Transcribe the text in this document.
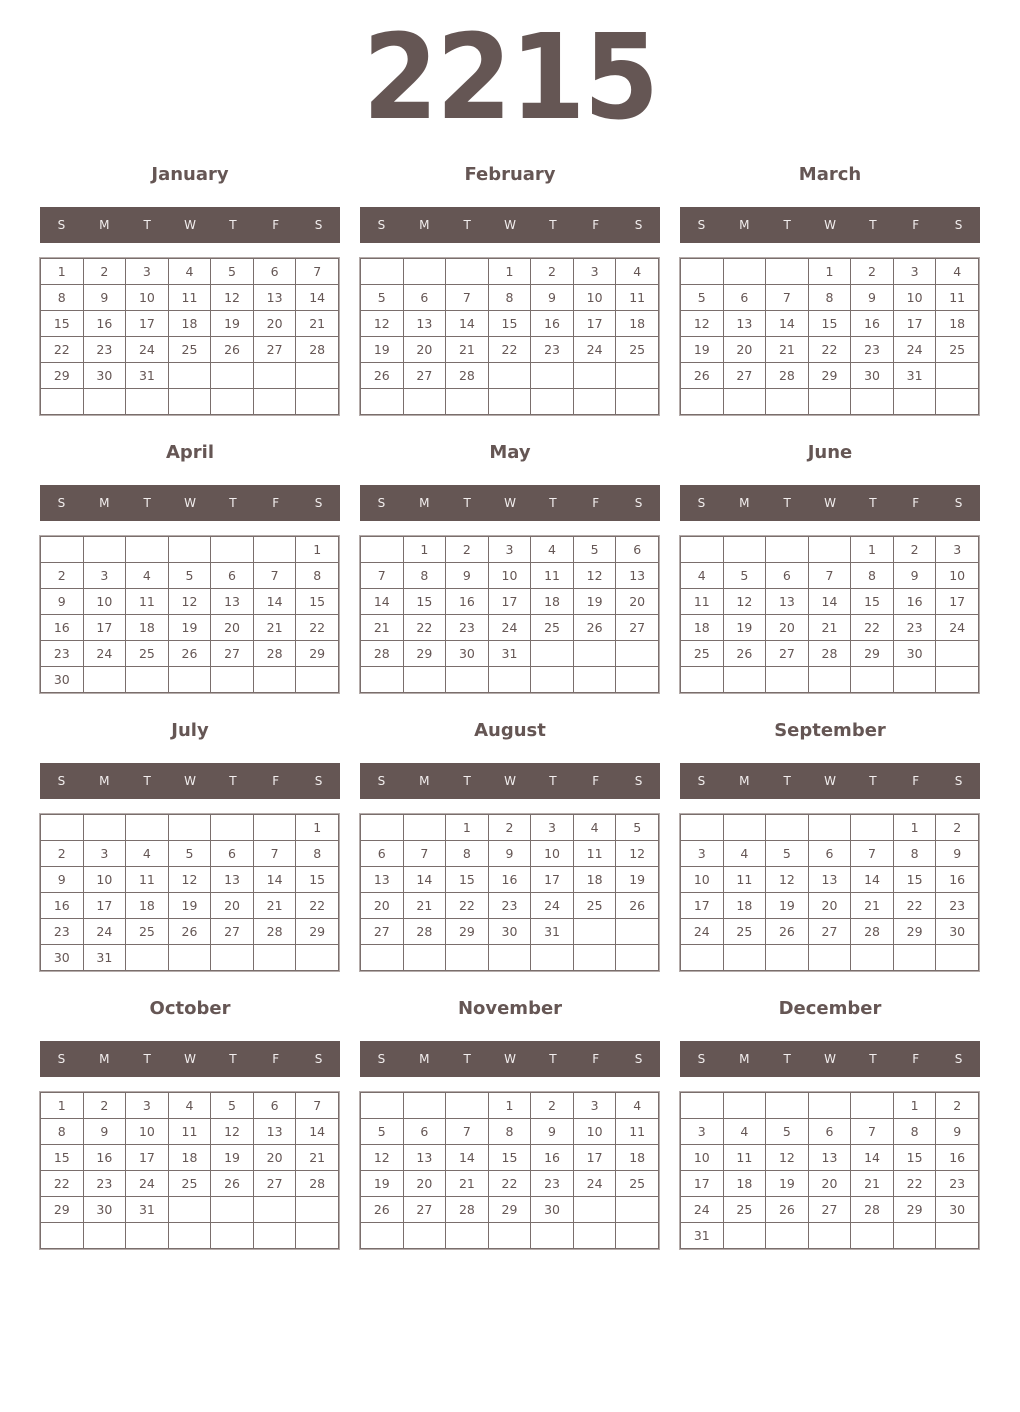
2215
January
S	M	T	W	T	F	S
1	2	3	4	5	6	7
8	9	10	11	12	13	14
15	16	17	18	19	20	21
22	23	24	25	26	27	28
29	30	31				

February
S	M	T	W	T	F	S
			1	2	3	4
5	6	7	8	9	10	11
12	13	14	15	16	17	18
19	20	21	22	23	24	25
26	27	28				

March
S	M	T	W	T	F	S
			1	2	3	4
5	6	7	8	9	10	11
12	13	14	15	16	17	18
19	20	21	22	23	24	25
26	27	28	29	30	31	

April
S	M	T	W	T	F	S
						1
2	3	4	5	6	7	8
9	10	11	12	13	14	15
16	17	18	19	20	21	22
23	24	25	26	27	28	29
30						
May
S	M	T	W	T	F	S
	1	2	3	4	5	6
7	8	9	10	11	12	13
14	15	16	17	18	19	20
21	22	23	24	25	26	27
28	29	30	31			

June
S	M	T	W	T	F	S
				1	2	3
4	5	6	7	8	9	10
11	12	13	14	15	16	17
18	19	20	21	22	23	24
25	26	27	28	29	30	

July
S	M	T	W	T	F	S
						1
2	3	4	5	6	7	8
9	10	11	12	13	14	15
16	17	18	19	20	21	22
23	24	25	26	27	28	29
30	31					
August
S	M	T	W	T	F	S
		1	2	3	4	5
6	7	8	9	10	11	12
13	14	15	16	17	18	19
20	21	22	23	24	25	26
27	28	29	30	31		

September
S	M	T	W	T	F	S
					1	2
3	4	5	6	7	8	9
10	11	12	13	14	15	16
17	18	19	20	21	22	23
24	25	26	27	28	29	30

October
S	M	T	W	T	F	S
1	2	3	4	5	6	7
8	9	10	11	12	13	14
15	16	17	18	19	20	21
22	23	24	25	26	27	28
29	30	31				

November
S	M	T	W	T	F	S
			1	2	3	4
5	6	7	8	9	10	11
12	13	14	15	16	17	18
19	20	21	22	23	24	25
26	27	28	29	30		

December
S	M	T	W	T	F	S
					1	2
3	4	5	6	7	8	9
10	11	12	13	14	15	16
17	18	19	20	21	22	23
24	25	26	27	28	29	30
31						
